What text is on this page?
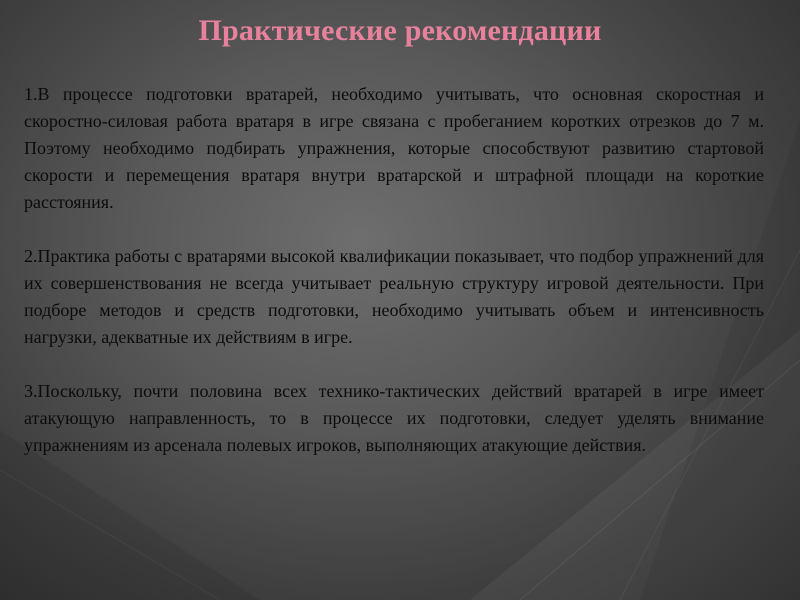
Практические рекомендации

1.В процессе подготовки вратарей, необходимо учитывать, что основная скоростная и скоростно-силовая работа вратаря в игре связана с пробеганием коротких отрезков до 7 м. Поэтому необходимо подбирать упражнения, которые способствуют развитию стартовой скорости и перемещения вратаря внутри вратарской и штрафной площади на короткие расстояния.

2.Практика работы с вратарями высокой квалификации показывает, что подбор упражнений для их совершенствования не всегда учитывает реальную структуру игровой деятельности. При подборе методов и средств подготовки, необходимо учитывать объем и интенсивность нагрузки, адекватные их действиям в игре.

3.Поскольку, почти половина всех технико-тактических действий вратарей в игре имеет атакующую направленность, то в процессе их подготовки, следует уделять внимание упражнениям из арсенала полевых игроков, выполняющих атакующие действия.
